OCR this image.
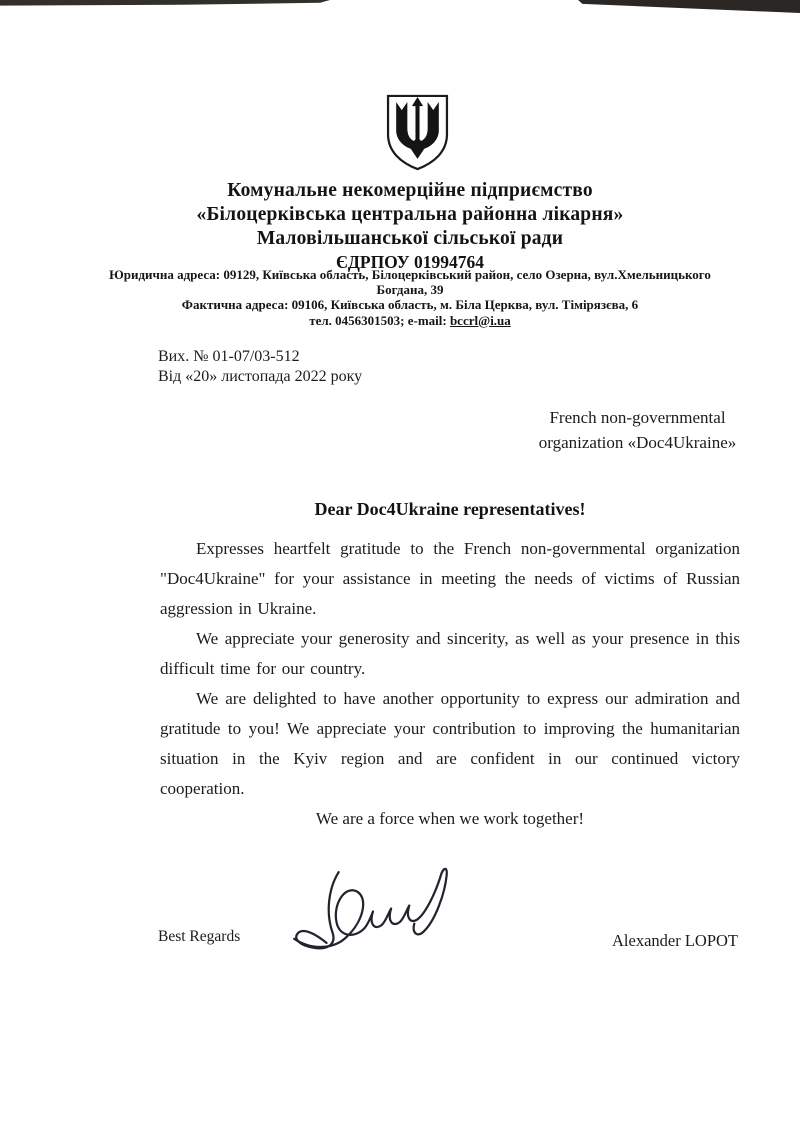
Комунальне некомерційне підприємство
«Білоцерківська центральна районна лікарня»
Маловільшанської сільської ради
ЄДРПОУ 01994764
Юридична адреса: 09129, Київська область, Білоцерківський район, село Озерна, вул.Хмельницького
Богдана, 39
Фактична адреса: 09106, Київська область, м. Біла Церква, вул. Тімірязєва, 6
тел. 0456301503; e-mail: bccrl@i.ua
Вих. № 01-07/03-512
Від «20» листопада 2022 року
French non-governmental
organization «Doc4Ukraine»
Dear Doc4Ukraine representatives!

Expresses heartfelt gratitude to the French non-governmental organization "Doc4Ukraine" for your assistance in meeting the needs of victims of Russian aggression in Ukraine.

We appreciate your generosity and sincerity, as well as your presence in this difficult time for our country.

We are delighted to have another opportunity to express our admiration and gratitude to you! We appreciate your contribution to improving the humanitarian situation in the Kyiv region and are confident in our continued victory cooperation.

We are a force when we work together!
Best Regards	Alexander LOPOT
